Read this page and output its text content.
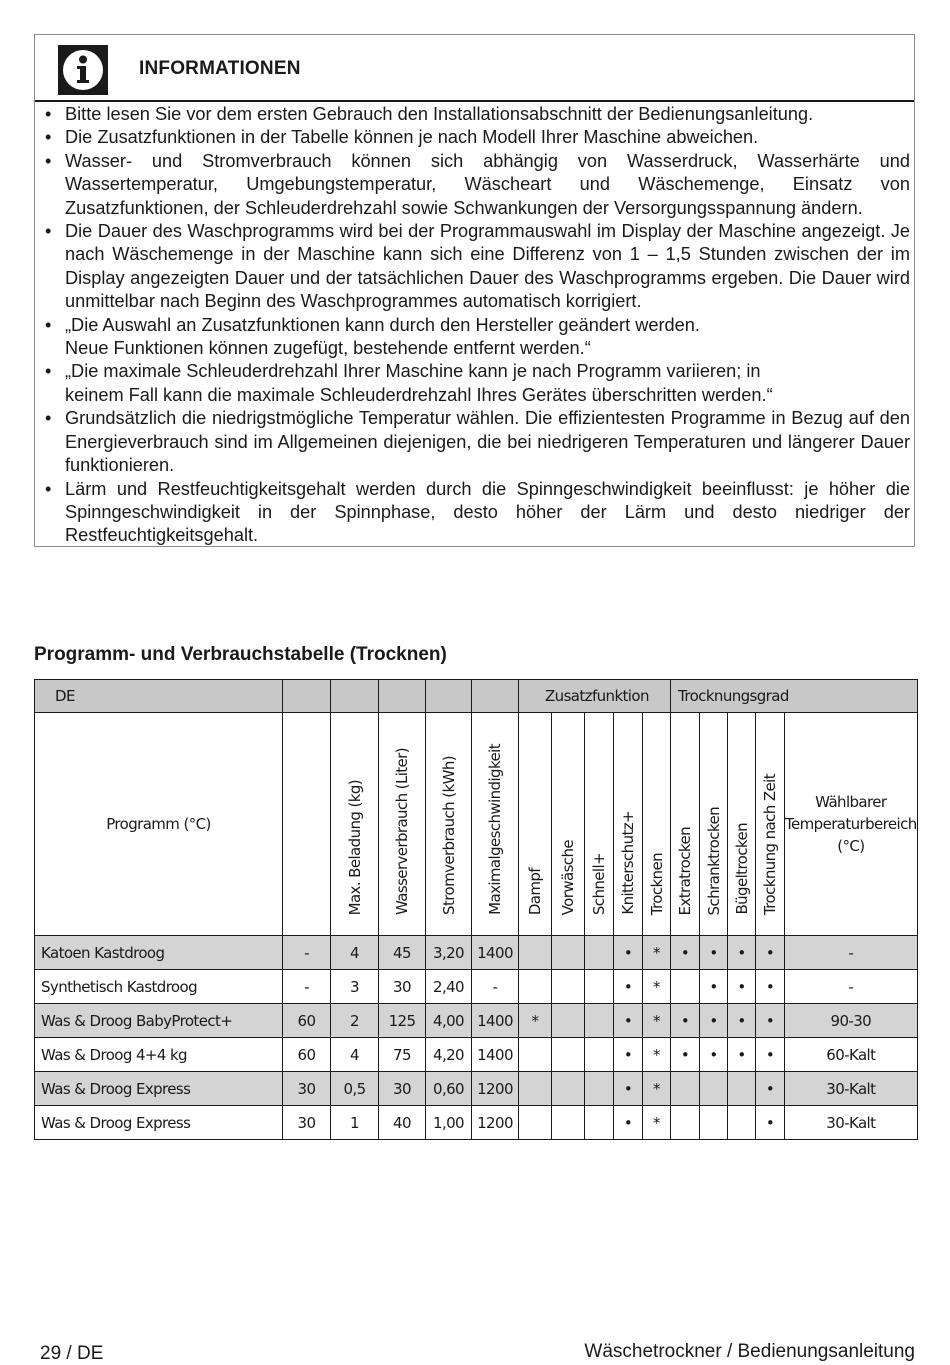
INFORMATIONEN
• Bitte lesen Sie vor dem ersten Gebrauch den Installationsabschnitt der Bedienungsanleitung.
• Die Zusatzfunktionen in der Tabelle können je nach Modell Ihrer Maschine abweichen.
• Wasser- und Stromverbrauch können sich abhängig von Wasserdruck, Wasserhärte und Wassertemperatur, Umgebungstemperatur, Wäscheart und Wäschemenge, Einsatz von Zusatzfunktionen, der Schleuderdrehzahl sowie Schwankungen der Versorgungsspannung ändern.
• Die Dauer des Waschprogramms wird bei der Programmauswahl im Display der Maschine angezeigt. Je nach Wäschemenge in der Maschine kann sich eine Differenz von 1 – 1,5 Stunden zwischen der im Display angezeigten Dauer und der tatsächlichen Dauer des Waschprogramms ergeben. Die Dauer wird unmittelbar nach Beginn des Waschprogrammes automatisch korrigiert.
• „Die Auswahl an Zusatzfunktionen kann durch den Hersteller geändert werden.
Neue Funktionen können zugefügt, bestehende entfernt werden.“
• „Die maximale Schleuderdrehzahl Ihrer Maschine kann je nach Programm variieren; in
keinem Fall kann die maximale Schleuderdrehzahl Ihres Gerätes überschritten werden.“
• Grundsätzlich die niedrigstmögliche Temperatur wählen. Die effizientesten Programme in Bezug auf den Energieverbrauch sind im Allgemeinen diejenigen, die bei niedrigeren Temperaturen und längerer Dauer funktionieren.
• Lärm und Restfeuchtigkeitsgehalt werden durch die Spinngeschwindigkeit beeinflusst: je höher die Spinngeschwindigkeit in der Spinnphase, desto höher der Lärm und desto niedriger der Restfeuchtigkeitsgehalt.
Programm- und Verbrauchstabelle (Trocknen)
DE						Zusatzfunktion					Trocknungsgrad				
Programm (°C)		Max. Beladung (kg)	Wasserverbrauch (Liter)	Stromverbrauch (kWh)	Maximalgeschwindigkeit	Dampf	Vorwäsche	Schnell+	Knitterschutz+	Trocknen	Extratrocken	Schranktrocken	Bügeltrocken	Trocknung nach Zeit	Wählbarer
Temperaturbereich
(°C)
Katoen Kastdroog	-	4	45	3,20	1400				•	*	•	•	•	•	-
Synthetisch Kastdroog	-	3	30	2,40	-				•	*		•	•	•	-
Was & Droog BabyProtect+	60	2	125	4,00	1400	*			•	*	•	•	•	•	90-30
Was & Droog 4+4 kg	60	4	75	4,20	1400				•	*	•	•	•	•	60-Kalt
Was & Droog Express	30	0,5	30	0,60	1200				•	*				•	30-Kalt
Was & Droog Express	30	1	40	1,00	1200				•	*				•	30-Kalt
29 / DE	Wäschetrockner / Bedienungsanleitung
